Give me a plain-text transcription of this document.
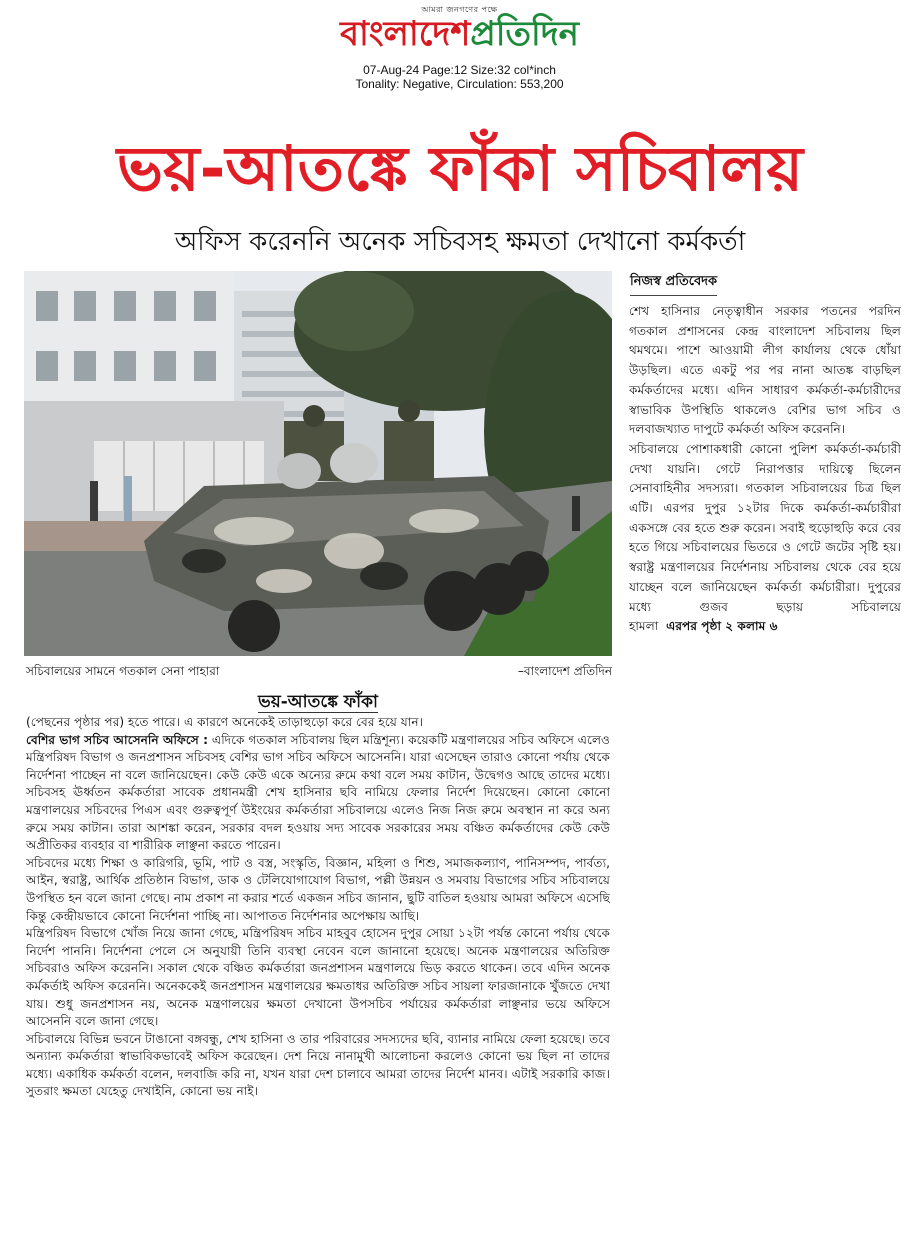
আমরা জনগণের পক্ষে
বাংলাদেশপ্রতিদিন
07-Aug-24 Page:12 Size:32 col*inch
Tonality: Negative, Circulation: 553,200
ভয়-আতঙ্কে ফাঁকা সচিবালয়
অফিস করেননি অনেক সচিবসহ ক্ষমতা দেখানো কর্মকর্তা
সচিবালয়ের সামনে গতকাল সেনা পাহারা	–বাংলাদেশ প্রতিদিন
নিজস্ব প্রতিবেদক

শেখ হাসিনার নেতৃত্বাধীন সরকার পতনের পরদিন গতকাল প্রশাসনের কেন্দ্র বাংলাদেশ সচিবালয় ছিল থমথমে। পাশে আওয়ামী লীগ কার্যালয় থেকে ধোঁয়া উড়ছিল। এতে একটু পর পর নানা আতঙ্ক বাড়ছিল কর্মকর্তাদের মধ্যে। এদিন সাধারণ কর্মকর্তা-কর্মচারীদের স্বাভাবিক উপস্থিতি থাকলেও বেশির ভাগ সচিব ও দলবাজখ্যাত দাপুটে কর্মকর্তা অফিস করেননি।

সচিবালয়ে পোশাকধারী কোনো পুলিশ কর্মকর্তা-কর্মচারী দেখা যায়নি। গেটে নিরাপত্তার দায়িত্বে ছিলেন সেনাবাহিনীর সদস্যরা। গতকাল সচিবালয়ের চিত্র ছিল এটি। এরপর দুপুর ১২টার দিকে কর্মকর্তা-কর্মচারীরা একসঙ্গে বের হতে শুরু করেন। সবাই হুড়োহুড়ি করে বের হতে গিয়ে সচিবালয়ের ভিতরে ও গেটে জটের সৃষ্টি হয়। স্বরাষ্ট্র মন্ত্রণালয়ের নির্দেশনায় সচিবালয় থেকে বের হয়ে যাচ্ছেন বলে জানিয়েছেন কর্মকর্তা কর্মচারীরা। দুপুরের মধ্যে গুজব ছড়ায় সচিবালয়ে হামলা এরপর পৃষ্ঠা ২ কলাম ৬

ভয়-আতঙ্কে ফাঁকা

(পেছনের পৃষ্ঠার পর) হতে পারে। এ কারণে অনেকেই তাড়াহুড়ো করে বের হয়ে যান।

বেশির ভাগ সচিব আসেননি অফিসে : এদিকে গতকাল সচিবালয় ছিল মন্ত্রিশূন্য। কয়েকটি মন্ত্রণালয়ের সচিব অফিসে এলেও মন্ত্রিপরিষদ বিভাগ ও জনপ্রশাসন সচিবসহ বেশির ভাগ সচিব অফিসে আসেননি। যারা এসেছেন তারাও কোনো পর্যায় থেকে নির্দেশনা পাচ্ছেন না বলে জানিয়েছেন। কেউ কেউ একে অন্যের রুমে কথা বলে সময় কাটান, উদ্বেগও আছে তাদের মধ্যে। সচিবসহ ঊর্ধ্বতন কর্মকর্তারা সাবেক প্রধানমন্ত্রী শেখ হাসিনার ছবি নামিয়ে ফেলার নির্দেশ দিয়েছেন। কোনো কোনো মন্ত্রণালয়ের সচিবদের পিএস এবং গুরুত্বপূর্ণ উইংয়ের কর্মকর্তারা সচিবালয়ে এলেও নিজ নিজ রুমে অবস্থান না করে অন্য রুমে সময় কাটান। তারা আশঙ্কা করেন, সরকার বদল হওয়ায় সদ্য সাবেক সরকারের সময় বঞ্চিত কর্মকর্তাদের কেউ কেউ অপ্রীতিকর ব্যবহার বা শারীরিক লাঞ্ছনা করতে পারেন।

সচিবদের মধ্যে শিক্ষা ও কারিগরি, ভূমি, পাট ও বস্ত্র, সংস্কৃতি, বিজ্ঞান, মহিলা ও শিশু, সমাজকল্যাণ, পানিসম্পদ, পার্বত্য, আইন, স্বরাষ্ট্র, আর্থিক প্রতিষ্ঠান বিভাগ, ডাক ও টেলিযোগাযোগ বিভাগ, পল্লী উন্নয়ন ও সমবায় বিভাগের সচিব সচিবালয়ে উপস্থিত হন বলে জানা গেছে। নাম প্রকাশ না করার শর্তে একজন সচিব জানান, ছুটি বাতিল হওয়ায় আমরা অফিসে এসেছি কিন্তু কেন্দ্রীয়ভাবে কোনো নির্দেশনা পাচ্ছি না। আপাতত নির্দেশনার অপেক্ষায় আছি।

মন্ত্রিপরিষদ বিভাগে খোঁজ নিয়ে জানা গেছে, মন্ত্রিপরিষদ সচিব মাহবুব হোসেন দুপুর সোয়া ১২টা পর্যন্ত কোনো পর্যায় থেকে নির্দেশ পাননি। নির্দেশনা পেলে সে অনুযায়ী তিনি ব্যবস্থা নেবেন বলে জানানো হয়েছে। অনেক মন্ত্রণালয়ের অতিরিক্ত সচিবরাও অফিস করেননি। সকাল থেকে বঞ্চিত কর্মকর্তারা জনপ্রশাসন মন্ত্রণালয়ে ভিড় করতে থাকেন। তবে এদিন অনেক কর্মকর্তাই অফিস করেননি। অনেককেই জনপ্রশাসন মন্ত্রণালয়ের ক্ষমতাধর অতিরিক্ত সচিব সায়লা ফারজানাকে খুঁজতে দেখা যায়। শুধু জনপ্রশাসন নয়, অনেক মন্ত্রণালয়ের ক্ষমতা দেখানো উপসচিব পর্যায়ের কর্মকর্তারা লাঞ্ছনার ভয়ে অফিসে আসেননি বলে জানা গেছে।

সচিবালয়ে বিভিন্ন ভবনে টাঙানো বঙ্গবন্ধু, শেখ হাসিনা ও তার পরিবারের সদস্যদের ছবি, ব্যানার নামিয়ে ফেলা হয়েছে। তবে অন্যান্য কর্মকর্তারা স্বাভাবিকভাবেই অফিস করেছেন। দেশ নিয়ে নানামুখী আলোচনা করলেও কোনো ভয় ছিল না তাদের মধ্যে। একাধিক কর্মকর্তা বলেন, দলবাজি করি না, যখন যারা দেশ চালাবে আমরা তাদের নির্দেশ মানব। এটাই সরকারি কাজ। সুতরাং ক্ষমতা যেহেতু দেখাইনি, কোনো ভয় নাই।
